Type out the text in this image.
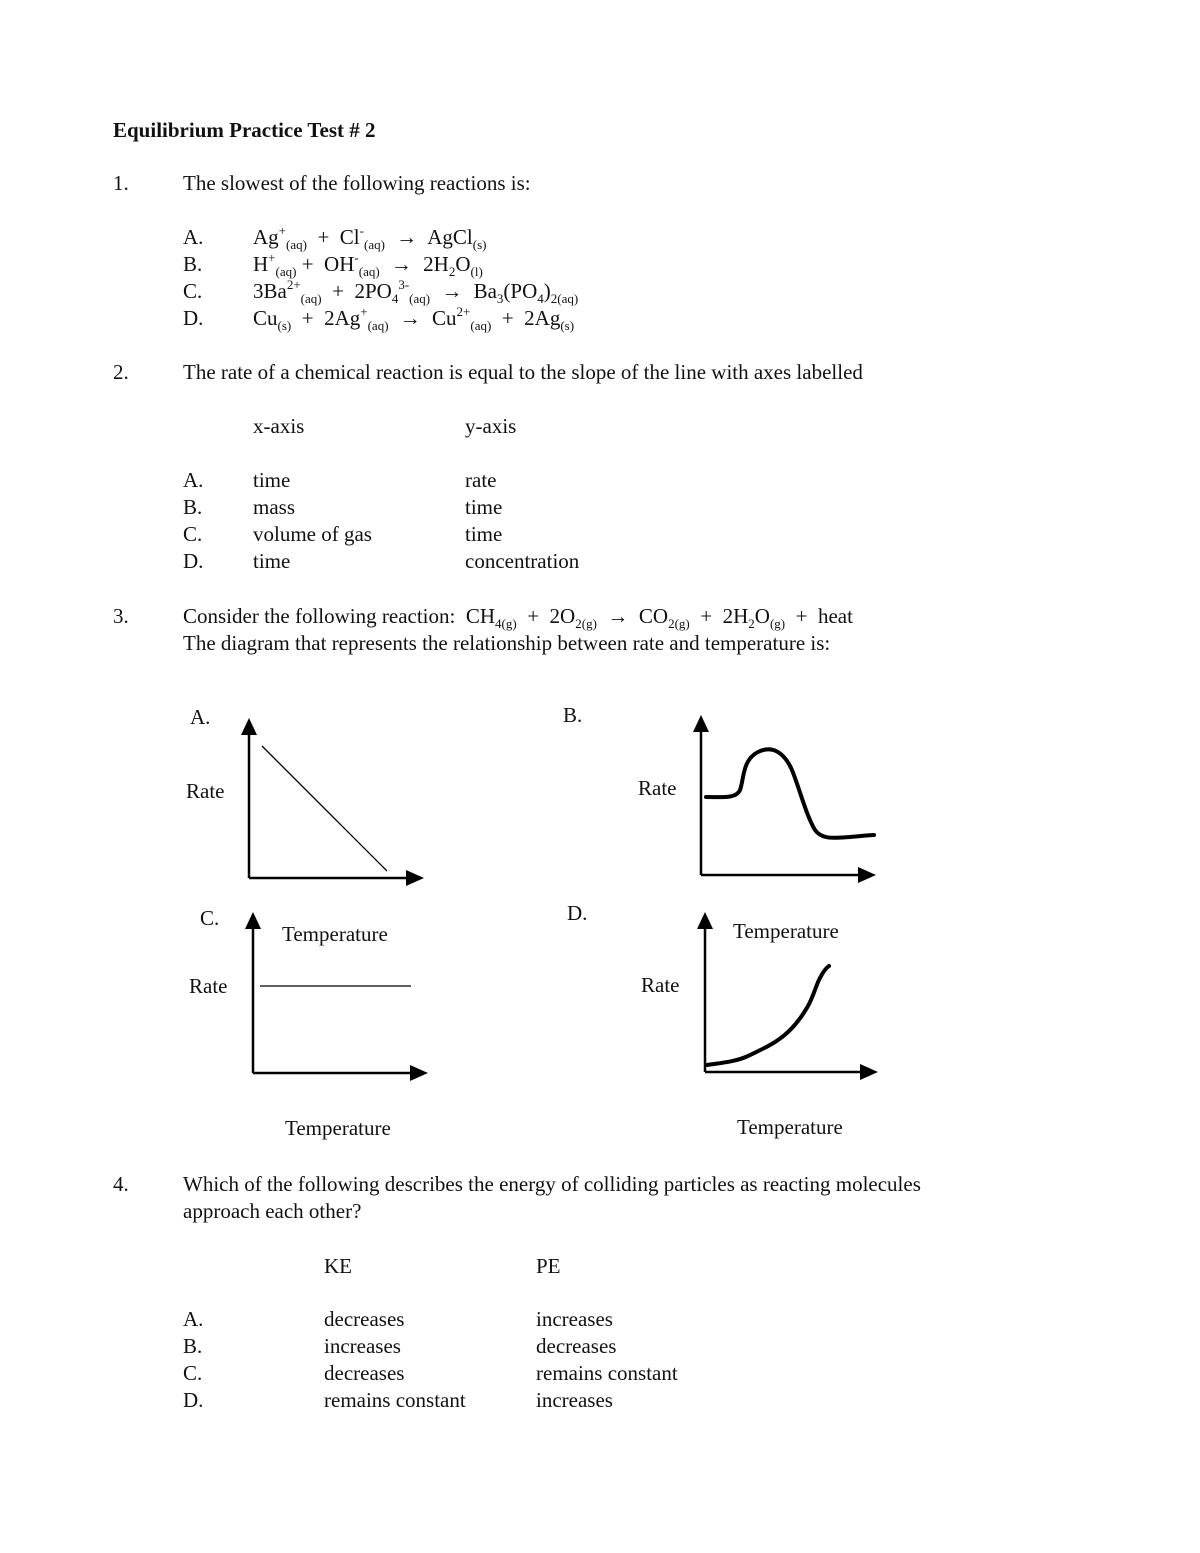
Equilibrium Practice Test # 2
1.	The slowest of the following reactions is:
A. $Ag^+_{(aq)} + Cl^-_{(aq)}$ → AgCl$_{(s)}$
B. $H^+_{(aq)} + OH^-_{(aq)} \to 2H_2O_{(l)}$
C. $3Ba^{2+}_{(aq)} + 2PO_4^{3-}_{(aq)} \to Ba_3(PO_4)_{2(aq)}$
D. $Cu_{(s)} + 2Ag^+_{(aq)} \to Cu^{2+}_{(aq)} + 2Ag_{(s)}$
2.	The rate of a chemical reaction is equal to the slope of the line with axes labelled
x-axis	y-axis
A. time	rate
B. mass	time
C. volume of gas	time
D. time	concentration
3.	Consider the following reaction: $CH_{4(g)} + 2O_{2(g)} \to CO_{2(g)} + 2H_2O_{(g)}$  +  heat
The diagram that represents the relationship between rate and temperature is:
A.
Rate
Temperature
B.
Rate
Temperature
C.
Rate
Temperature
D.
Rate
Temperature
4.	Which of the following describes the energy of colliding particles as reacting molecules
approach each other?
KE	PE
A.	decreases	increases
B.	increases	decreases
C.	decreases	remains constant
D.	remains constant	increases
